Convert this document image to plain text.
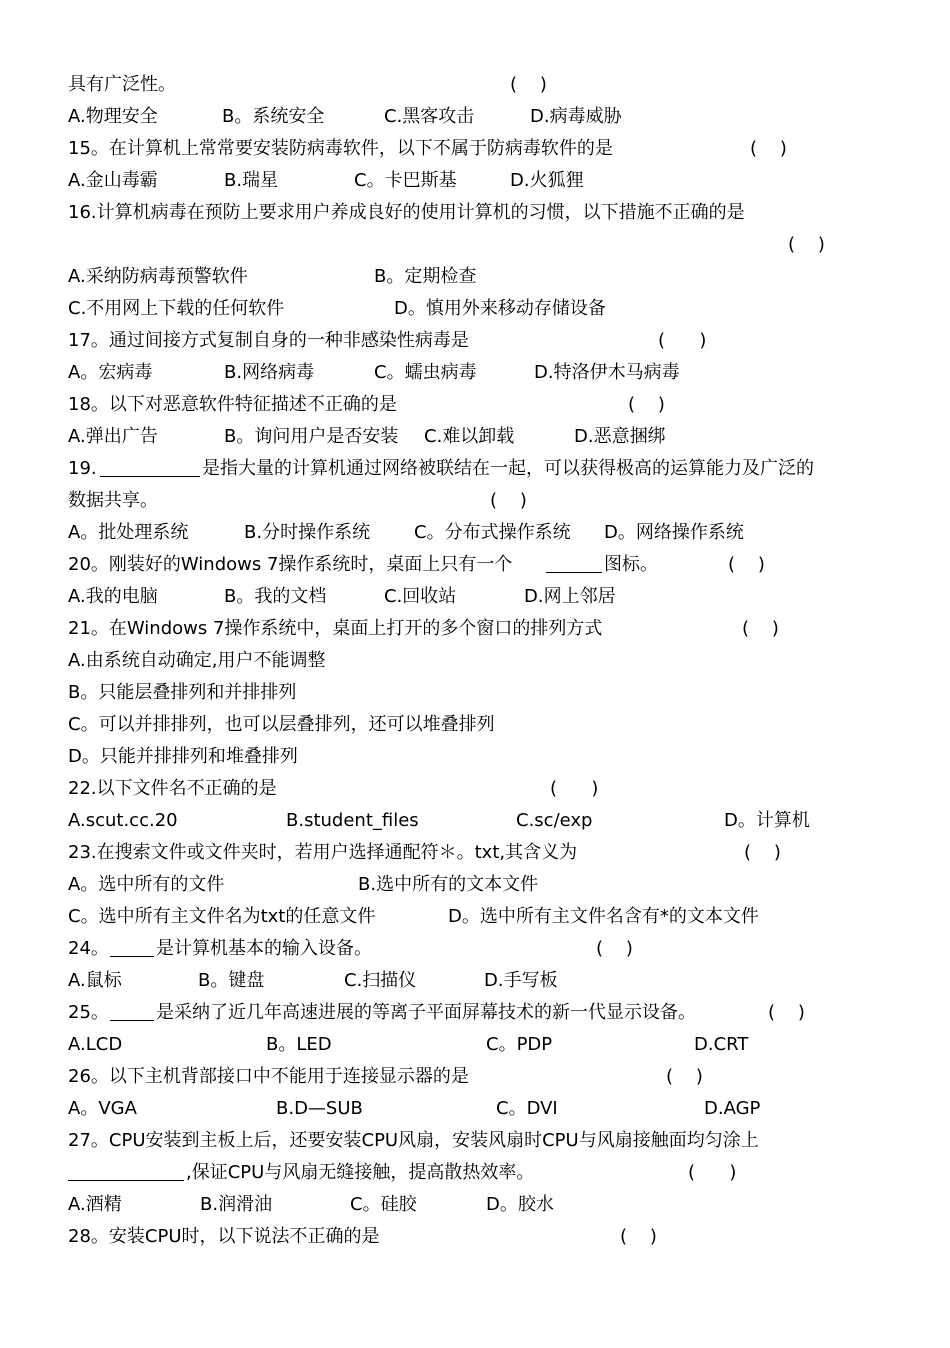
具有广泛性。

	(    )

A.物理安全

	B。系统安全

	C.黑客攻击

	D.病毒威胁

15。在计算机上常常要安装防病毒软件，以下不属于防病毒软件的是

	(    )

A.金山毒霸

	B.瑞星

	C。卡巴斯基

	D.火狐狸

16.计算机病毒在预防上要求用户养成良好的使用计算机的习惯，以下措施不正确的是

(    )

A.采纳防病毒预警软件

	B。定期检查

C.不用网上下载的任何软件

	D。慎用外来移动存储设备

17。通过间接方式复制自身的一种非感染性病毒是

	(      )

A。宏病毒

	B.网络病毒

	C。蠕虫病毒

	D.特洛伊木马病毒

18。以下对恶意软件特征描述不正确的是

	(    )

A.弹出广告

	B。询问用户是否安装

C.难以卸载

	D.恶意捆绑

19.

	是指大量的计算机通过网络被联结在一起，可以获得极高的运算能力及广泛的

数据共享。

	(    )

A。批处理系统

	B.分时操作系统

C。分布式操作系统

D。网络操作系统

20。刚装好的Windows 7操作系统时，桌面上只有一个

	图标。

	(    )

A.我的电脑

	B。我的文档

	C.回收站

	D.网上邻居

21。在Windows 7操作系统中，桌面上打开的多个窗口的排列方式

	(    )

A.由系统自动确定,用户不能调整

B。只能层叠排列和并排排列

C。可以并排排列，也可以层叠排列，还可以堆叠排列

D。只能并排排列和堆叠排列

22.以下文件名不正确的是

	(      )

A.scut.cc.20

	B.student_files

	C.sc/exp

	D。计算机

23.在搜索文件或文件夹时，若用户选择通配符＊。txt,其含义为

	(    )

A。选中所有的文件

	B.选中所有的文本文件

C。选中所有主文件名为txt的任意文件

	D。选中所有主文件名含有*的文本文件

24。

	是计算机基本的输入设备。

	(    )

A.鼠标

	B。键盘

	C.扫描仪

	D.手写板

25。

	是采纳了近几年高速进展的等离子平面屏幕技术的新一代显示设备。

	(    )

A.LCD

	B。LED

	C。PDP

	D.CRT

26。以下主机背部接口中不能用于连接显示器的是

	(    )

A。VGA

	B.D—SUB

	C。DVI

	D.AGP

27。CPU安装到主板上后，还要安装CPU风扇，安装风扇时CPU与风扇接触面均匀涂上

,保证CPU与风扇无缝接触，提高散热效率。

	(      )

A.酒精

	B.润滑油

	C。硅胶

	D。胶水

28。安装CPU时，以下说法不正确的是

	(    )
